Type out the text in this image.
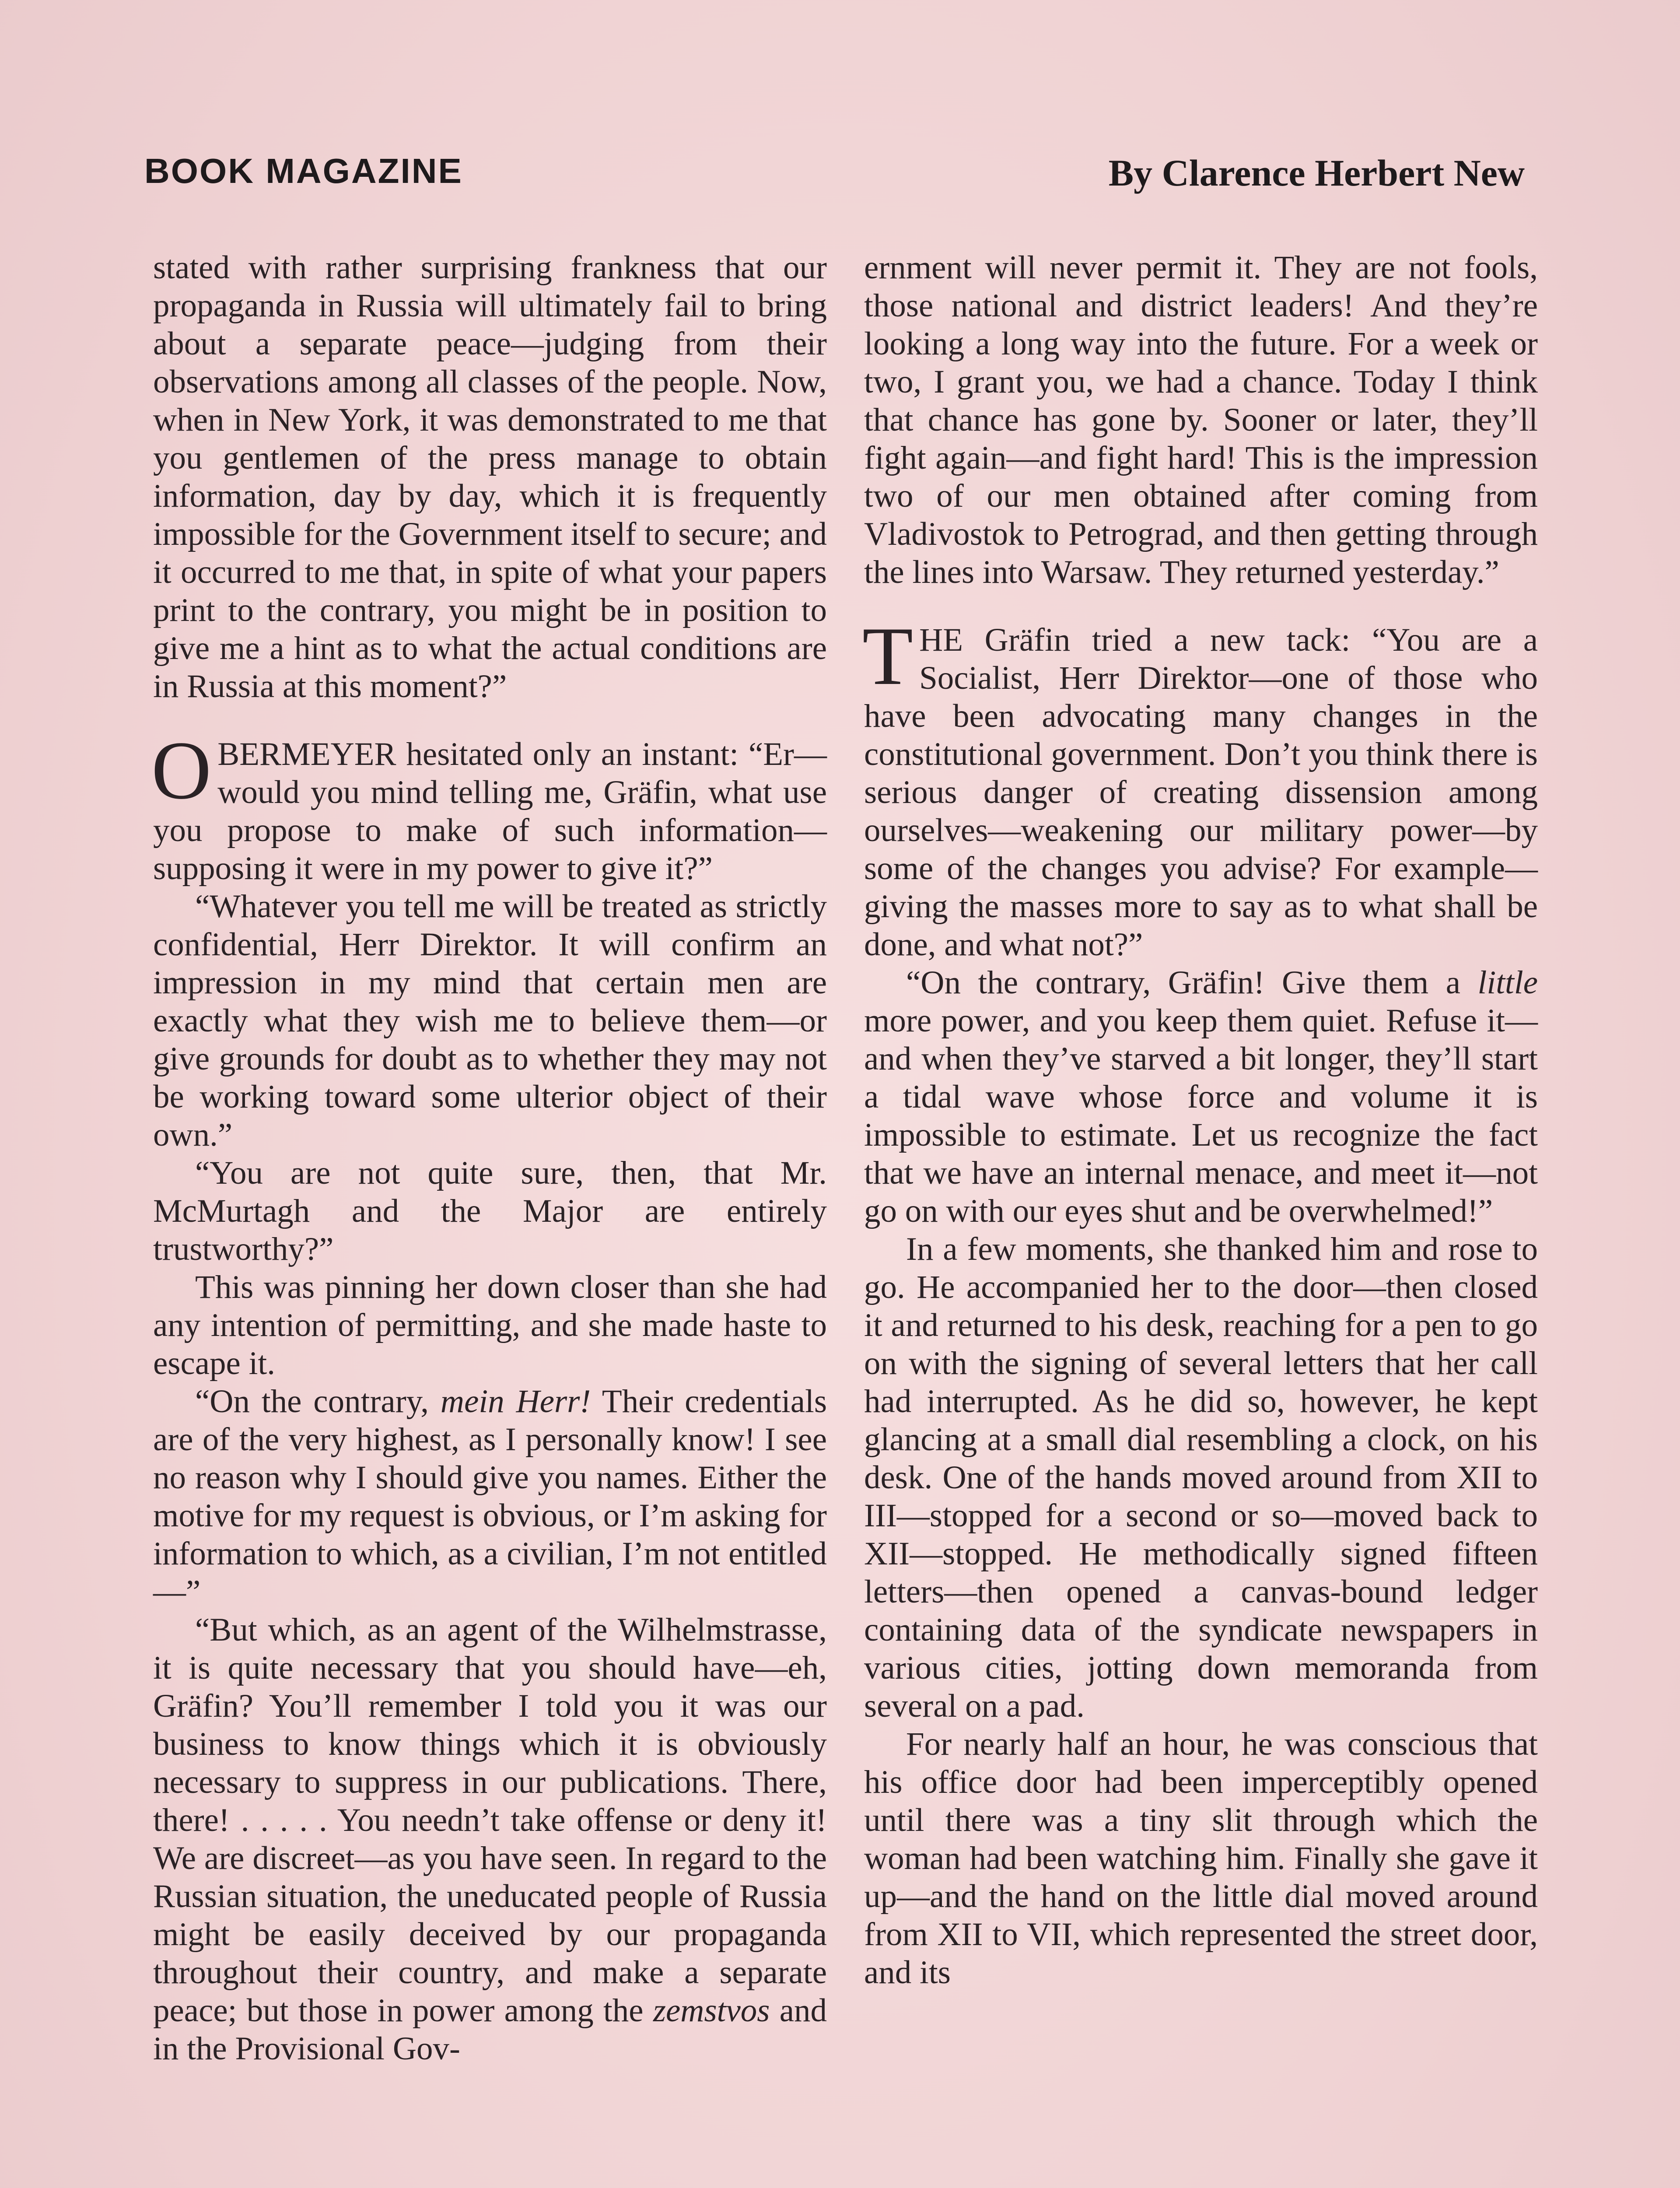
BOOK MAGAZINE	By Clarence Herbert New

stated with rather surprising frankness that our propaganda in Russia will ultimately fail to bring about a separate peace—judging from their observations among all classes of the people. Now, when in New York, it was demonstrated to me that you gentlemen of the press manage to obtain information, day by day, which it is frequently impossible for the Government itself to secure; and it occurred to me that, in spite of what your papers print to the contrary, you might be in position to give me a hint as to what the actual conditions are in Russia at this moment?”

OBERMEYER hesitated only an instant: “Er—would you mind telling me, Gräfin, what use you propose to make of such information—supposing it were in my power to give it?”

“Whatever you tell me will be treated as strictly confidential, Herr Direktor. It will confirm an impression in my mind that certain men are exactly what they wish me to believe them—or give grounds for doubt as to whether they may not be working toward some ulterior object of their own.”

“You are not quite sure, then, that Mr. McMurtagh and the Major are entirely trustworthy?”

This was pinning her down closer than she had any intention of permitting, and she made haste to escape it.

“On the contrary, mein Herr! Their credentials are of the very highest, as I personally know! I see no reason why I should give you names. Either the motive for my request is obvious, or I’m asking for information to which, as a civilian, I’m not entitled—”

“But which, as an agent of the Wilhelmstrasse, it is quite necessary that you should have—eh, Gräfin? You’ll remember I told you it was our business to know things which it is obviously necessary to suppress in our publications. There, there! . . . . . You needn’t take offense or deny it! We are discreet—as you have seen. In regard to the Russian situation, the uneducated people of Russia might be easily deceived by our propaganda throughout their country, and make a separate peace; but those in power among the zemstvos and in the Provisional Gov-

ernment will never permit it. They are not fools, those national and district leaders! And they’re looking a long way into the future. For a week or two, I grant you, we had a chance. Today I think that chance has gone by. Sooner or later, they’ll fight again—and fight hard! This is the impression two of our men obtained after coming from Vladivostok to Petrograd, and then getting through the lines into Warsaw. They returned yesterday.”

THE Gräfin tried a new tack: “You are a Socialist, Herr Direktor—one of those who have been advocating many changes in the constitutional government. Don’t you think there is serious danger of creating dissension among ourselves—weakening our military power—by some of the changes you advise? For example—giving the masses more to say as to what shall be done, and what not?”

“On the contrary, Gräfin! Give them a little more power, and you keep them quiet. Refuse it—and when they’ve starved a bit longer, they’ll start a tidal wave whose force and volume it is impossible to estimate. Let us recognize the fact that we have an internal menace, and meet it—not go on with our eyes shut and be overwhelmed!”

In a few moments, she thanked him and rose to go. He accompanied her to the door—then closed it and returned to his desk, reaching for a pen to go on with the signing of several letters that her call had interrupted. As he did so, however, he kept glancing at a small dial resembling a clock, on his desk. One of the hands moved around from XII to III—stopped for a second or so—moved back to XII—stopped. He methodically signed fifteen letters—then opened a canvas-bound ledger containing data of the syndicate newspapers in various cities, jotting down memoranda from several on a pad.

For nearly half an hour, he was conscious that his office door had been imperceptibly opened until there was a tiny slit through which the woman had been watching him. Finally she gave it up—and the hand on the little dial moved around from XII to VII, which represented the street door, and its
